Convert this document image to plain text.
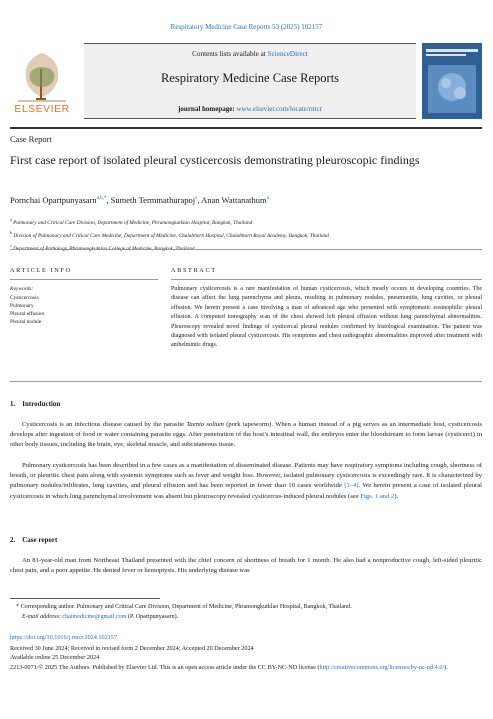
Respiratory Medicine Case Reports 53 (2025) 102157
ELSEVIER
Contents lists available at ScienceDirect
Respiratory Medicine Case Reports
journal homepage: www.elsevier.com/locate/rmcr
Case Report
First case report of isolated pleural cysticercosis demonstrating pleuroscopic findings
Pornchai Opartpunyasarn$^{a,b,*}$, Sumeth Termmathurapoj$^c$, Anan Wattanathum$^a$
$^a$ Pulmonary and Critical Care Division, Department of Medicine, Phramongkutklao Hospital, Bangkok, Thailand
$^b$ Division of Pulmonary and Critical Care Medicine, Department of Medicine, Chulabhorn Hospital, Chulabhorn Royal Academy, Bangkok, Thailand
$^c$
ARTICLE INFO
Keywords:
Cysticercosis
Pulmonary
Pleural effusion
Pleural nodule
ABSTRACT
Pulmonary cysticercosis is a rare manifestation of human cysticercosis, which mostly occurs in developing countries. The disease can affect the lung parenchyma and pleura, resulting in pulmonary nodules, pneumonitis, lung cavities, or pleural effusion. We herein present a case involving a man of advanced age who presented with symptomatic eosinophilic pleural effusion. A computed tomography scan of the chest showed left pleural effusion without lung parenchymal abnormalities. Pleuroscopy revealed novel findings of cysticercal pleural nodules confirmed by histological examination. The patient was diagnosed with isolated pleural cysticercosis. His symptoms and chest radiographic abnormalities improved after treatment with anthelmintic drugs.
1. Introduction
Cysticercosis is an infectious disease caused by the parasite Taenia solium (pork tapeworm). When a human instead of a pig serves as an intermediate host, cysticercosis develops after ingestion of food or water containing parasite eggs. After penetration of the host’s intestinal wall, the embryos enter the bloodstream to form larvae (cysticerci) in other body tissues, including the brain, eye, skeletal muscle, and subcutaneous tissue.
Pulmonary cysticercosis has been described in a few cases as a manifestation of disseminated disease. Patients may have respiratory symptoms including cough, shortness of breath, or pleuritic chest pain along with systemic symptoms such as fever and weight loss. However, isolated pulmonary cysticercosis is exceedingly rare. It is characterized by pulmonary nodules/infiltrates, lung cavities, and pleural effusion and has been reported in fewer than 10 cases worldwide [1–4]. We herein present a case of isolated pleural cysticercosis in which lung parenchymal involvement was absent but pleuroscopy revealed cysticercus-induced pleural nodules (see Figs. 1 and 2).
2. Case report
An 81-year-old man from Northeast Thailand presented with the chief concern of shortness of breath for 1 month. He also had a nonproductive cough, left-sided pleuritic chest pain, and a poor appetite. He denied fever or hemoptysis. His underlying disease was
* Corresponding author. Pulmonary and Critical Care Division, Department of Medicine, Phramongkutklao Hospital, Bangkok, Thailand.
E-mail address: chaimedicine@gmail.com (P. Opartpunyasarn).
https://doi.org/10.1016/j.rmcr.2024.102157
Received 30 June 2024; Received in revised form 2 December 2024; Accepted 20 December 2024
Available online 25 December 2024
2213-0071/© 2025 The Authors. Published by Elsevier Ltd. This is an open access article under the CC BY-NC-ND license (http://creativecommons.org/licenses/by-nc-nd/4.0/).
